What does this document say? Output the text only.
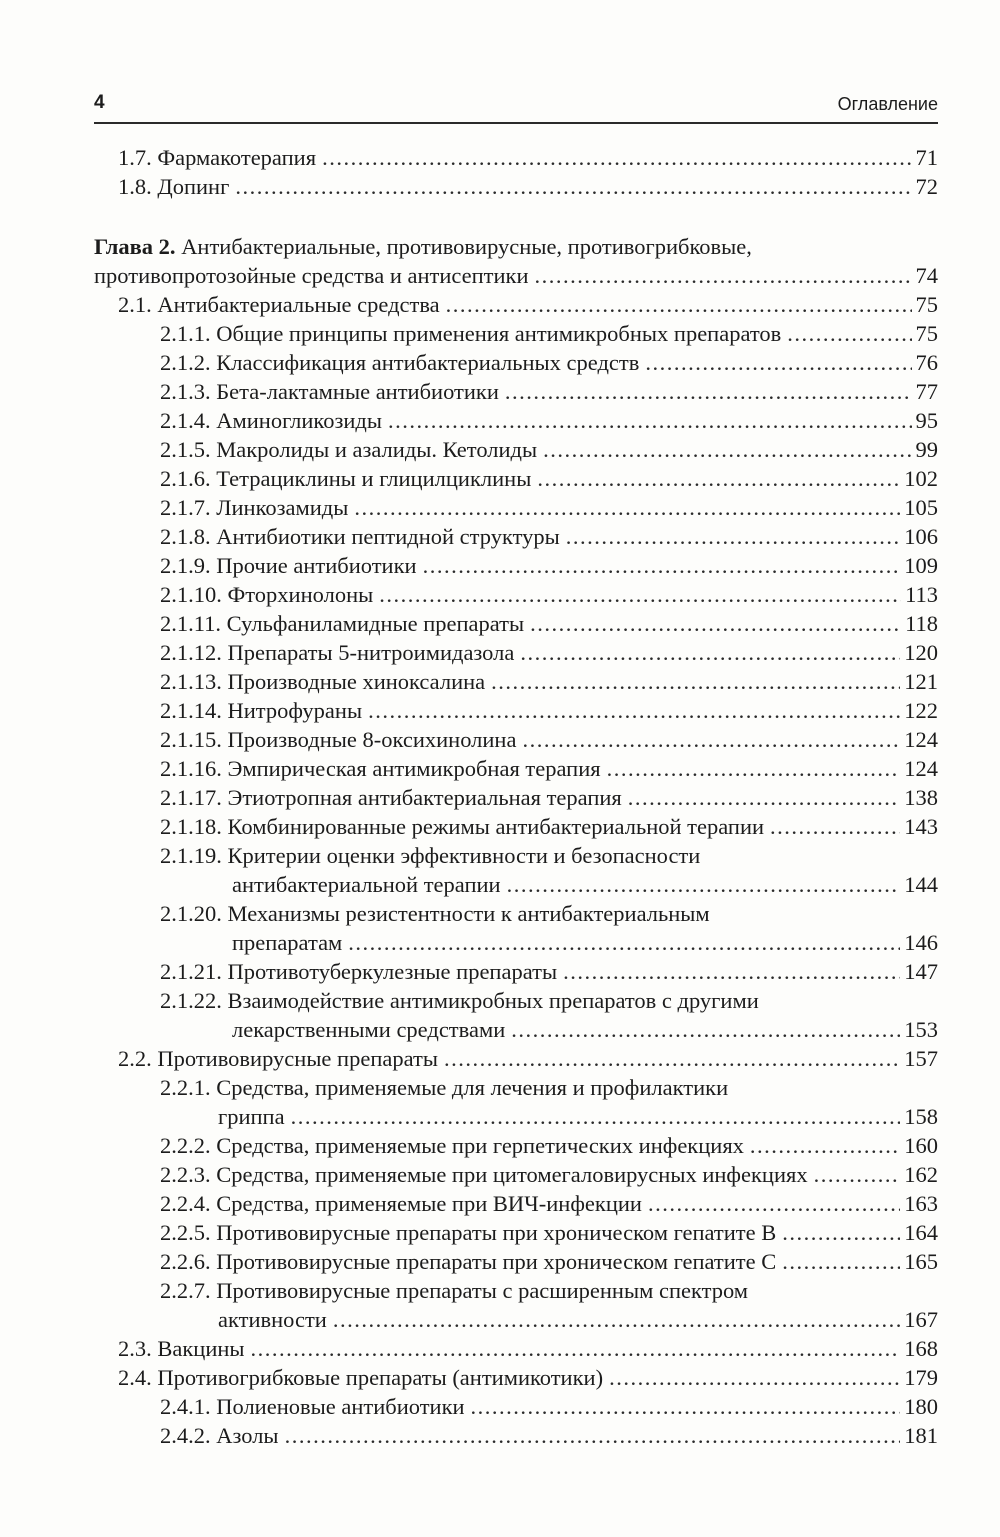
4	Оглавление
1.7. Фармакотерапия .....	71
1.8. Допинг .....	72
Глава 2. Антибактериальные, противовирусные, противогрибковые,
противопротозойные средства и антисептики .....	74
2.1. Антибактериальные средства .....	75
2.1.1. Общие принципы применения антимикробных препаратов .....	75
2.1.2. Классификация антибактериальных средств .....	76
2.1.3. Бета-лактамные антибиотики .....	77
2.1.4. Аминогликозиды .....	95
2.1.5. Макролиды и азалиды. Кетолиды .....	99
2.1.6. Тетрациклины и глицилциклины .....	102
2.1.7. Линкозамиды .....	105
2.1.8. Антибиотики пептидной структуры .....	106
2.1.9. Прочие антибиотики .....	109
2.1.10. Фторхинолоны .....	113
2.1.11. Сульфаниламидные препараты .....	118
2.1.12. Препараты 5-нитроимидазола .....	120
2.1.13. Производные хиноксалина .....	121
2.1.14. Нитрофураны .....	122
2.1.15. Производные 8-оксихинолина .....	124
2.1.16. Эмпирическая антимикробная терапия .....	124
2.1.17. Этиотропная антибактериальная терапия .....	138
2.1.18. Комбинированные режимы антибактериальной терапии .....	143
2.1.19. Критерии оценки эффективности и безопасности
антибактериальной терапии .....	144
2.1.20. Механизмы резистентности к антибактериальным
препаратам .....	146
2.1.21. Противотуберкулезные препараты .....	147
2.1.22. Взаимодействие антимикробных препаратов с другими
лекарственными средствами .....	153
2.2. Противовирусные препараты .....	157
2.2.1. Средства, применяемые для лечения и профилактики
гриппа .....	158
2.2.2. Средства, применяемые при герпетических инфекциях .....	160
2.2.3. Средства, применяемые при цитомегаловирусных инфекциях .....	162
2.2.4. Средства, применяемые при ВИЧ-инфекции .....	163
2.2.5. Противовирусные препараты при хроническом гепатите В .....	164
2.2.6. Противовирусные препараты при хроническом гепатите С .....	165
2.2.7. Противовирусные препараты с расширенным спектром
активности .....	167
2.3. Вакцины .....	168
2.4. Противогрибковые препараты (антимикотики) .....	179
2.4.1. Полиеновые антибиотики .....	180
2.4.2. Азолы .....	181
